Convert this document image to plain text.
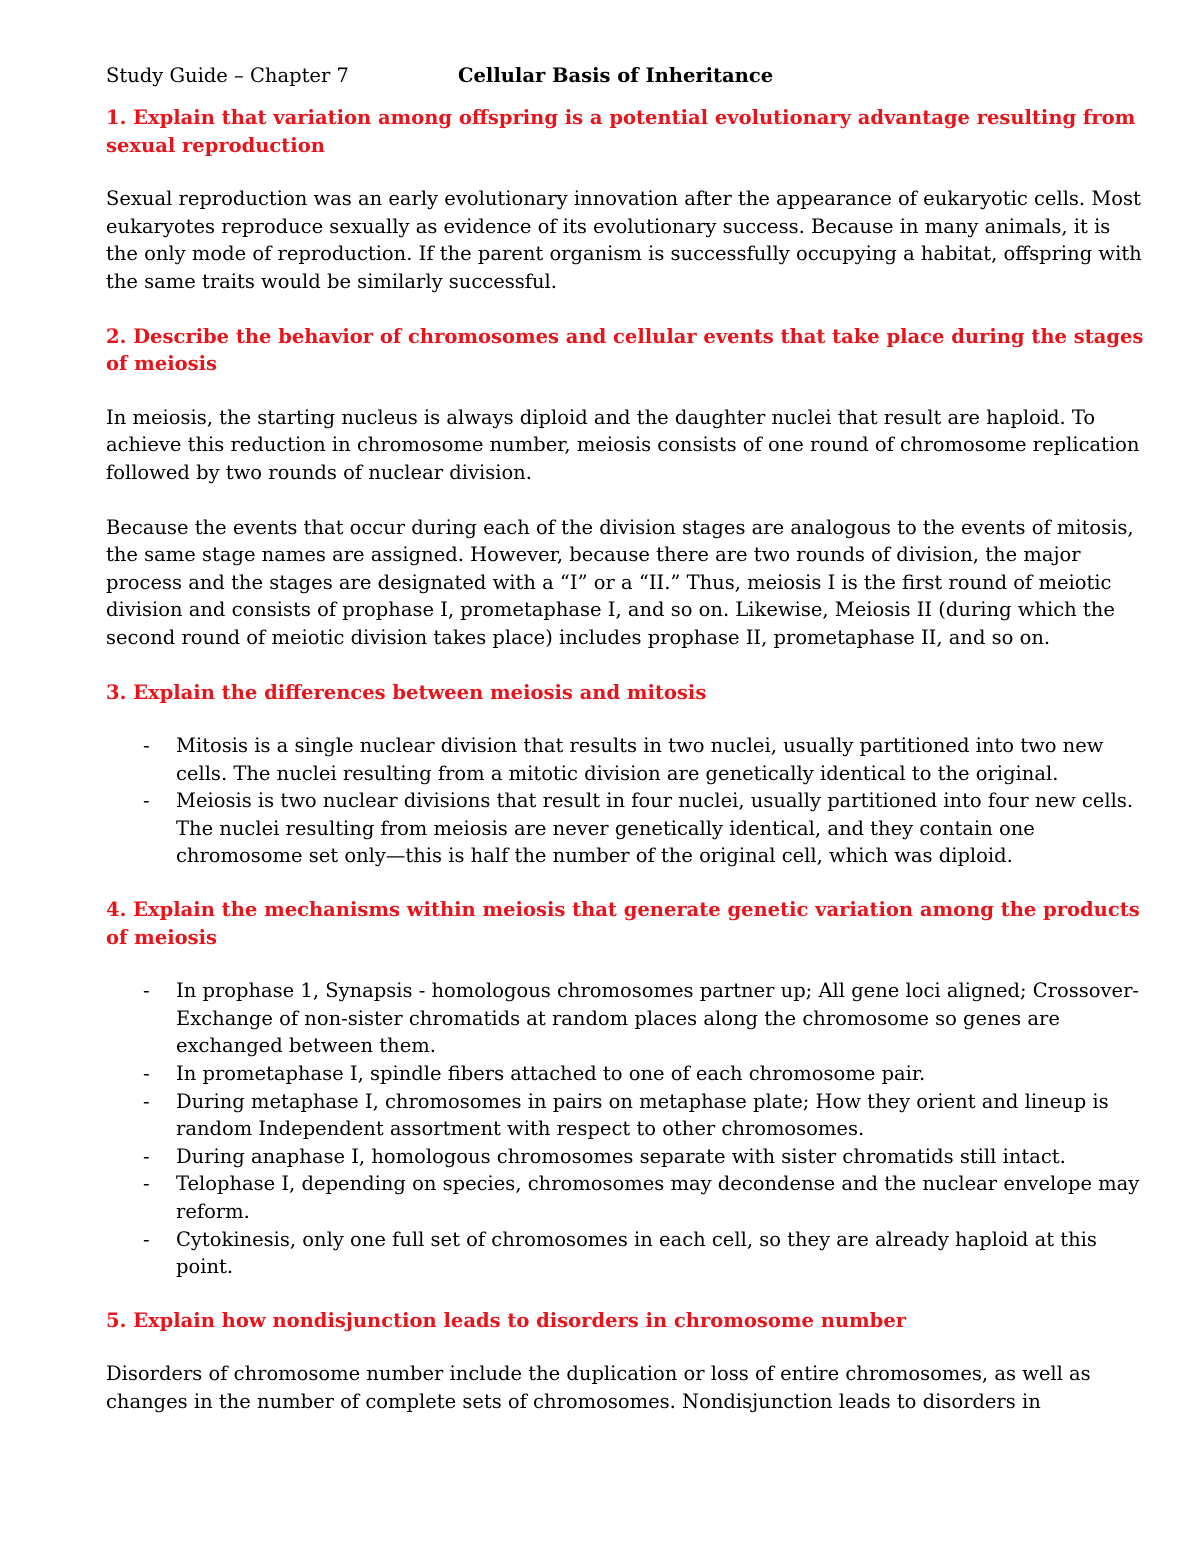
Study Guide – Chapter 7	Cellular Basis of Inheritance
1. Explain that variation among offspring is a potential evolutionary advantage resulting from sexual reproduction
Sexual reproduction was an early evolutionary innovation after the appearance of eukaryotic cells. Most eukaryotes reproduce sexually as evidence of its evolutionary success. Because in many animals, it is the only mode of reproduction. If the parent organism is successfully occupying a habitat, offspring with the same traits would be similarly successful.
2. Describe the behavior of chromosomes and cellular events that take place during the stages of meiosis
In meiosis, the starting nucleus is always diploid and the daughter nuclei that result are haploid. To achieve this reduction in chromosome number, meiosis consists of one round of chromosome replication followed by two rounds of nuclear division.
Because the events that occur during each of the division stages are analogous to the events of mitosis, the same stage names are assigned. However, because there are two rounds of division, the major process and the stages are designated with a “I” or a “II.” Thus, meiosis I is the first round of meiotic division and consists of prophase I, prometaphase I, and so on. Likewise, Meiosis II (during which the second round of meiotic division takes place) includes prophase II, prometaphase II, and so on.
3. Explain the differences between meiosis and mitosis
- Mitosis is a single nuclear division that results in two nuclei, usually partitioned into two new cells. The nuclei resulting from a mitotic division are genetically identical to the original.
- Meiosis is two nuclear divisions that result in four nuclei, usually partitioned into four new cells. The nuclei resulting from meiosis are never genetically identical, and they contain one chromosome set only—this is half the number of the original cell, which was diploid.
4. Explain the mechanisms within meiosis that generate genetic variation among the products of meiosis
- In prophase 1, Synapsis - homologous chromosomes partner up; All gene loci aligned; Crossover-Exchange of non-sister chromatids at random places along the chromosome so genes are exchanged between them.
- In prometaphase I, spindle fibers attached to one of each chromosome pair.
- During metaphase I, chromosomes in pairs on metaphase plate; How they orient and lineup is random Independent assortment with respect to other chromosomes.
- During anaphase I, homologous chromosomes separate with sister chromatids still intact.
- Telophase I, depending on species, chromosomes may decondense and the nuclear envelope may reform.
- Cytokinesis, only one full set of chromosomes in each cell, so they are already haploid at this point.
5. Explain how nondisjunction leads to disorders in chromosome number
Disorders of chromosome number include the duplication or loss of entire chromosomes, as well as changes in the number of complete sets of chromosomes. Nondisjunction leads to disorders in
